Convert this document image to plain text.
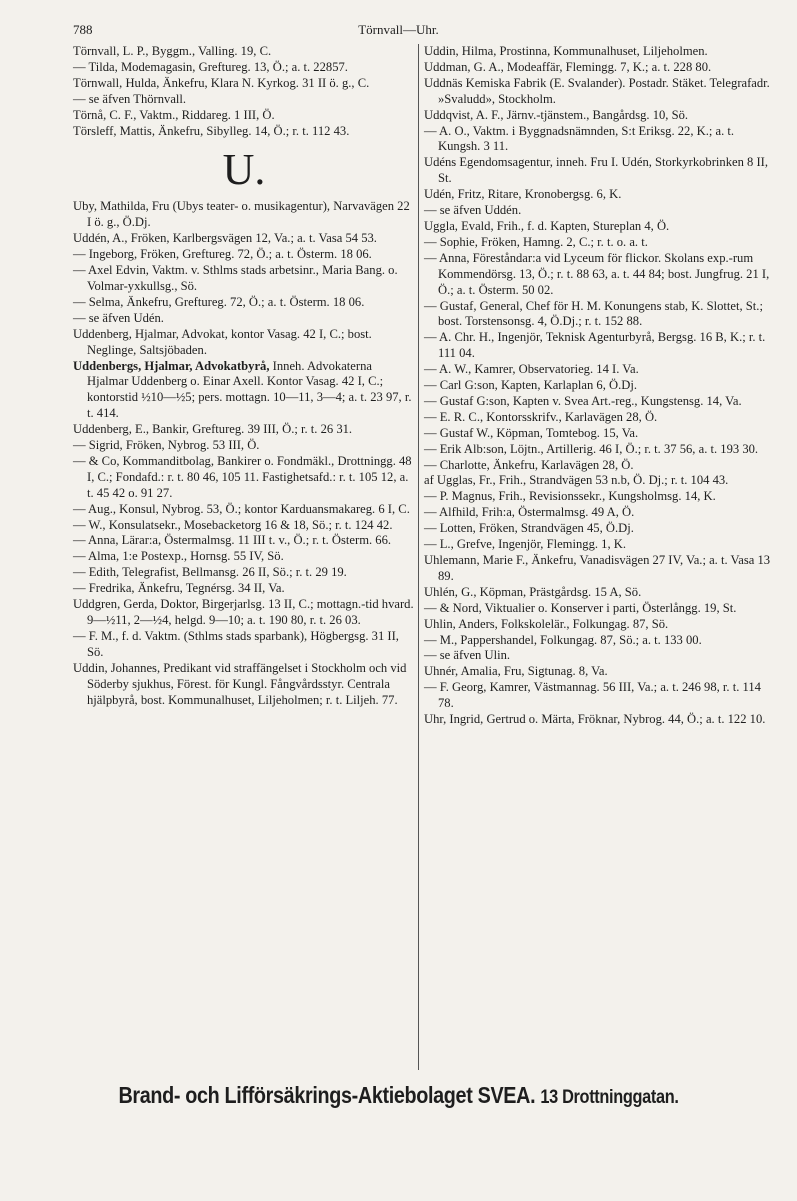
788	Törnvall—Uhr.

Törnvall, L. P., Byggm., Valling. 19, C.

— Tilda, Modemagasin, Greftureg. 13, Ö.; a. t. 22857.

Törnwall, Hulda, Änkefru, Klara N. Kyrkog. 31 II ö. g., C.

— se äfven Thörnvall.

Törnå, C. F., Vaktm., Riddareg. 1 III, Ö.

Törsleff, Mattis, Änkefru, Sibylleg. 14, Ö.; r. t. 112 43.

U.

Uby, Mathilda, Fru (Ubys teater- o. musikagentur), Narvavägen 22 I ö. g., Ö.Dj.

Uddén, A., Fröken, Karlbergsvägen 12, Va.; a. t. Vasa 54 53.

— Ingeborg, Fröken, Greftureg. 72, Ö.; a. t. Österm. 18 06.

— Axel Edvin, Vaktm. v. Sthlms stads arbetsinr., Maria Bang. o. Volmar-yxkullsg., Sö.

— Selma, Änkefru, Greftureg. 72, Ö.; a. t. Österm. 18 06.

— se äfven Udén.

Uddenberg, Hjalmar, Advokat, kontor Vasag. 42 I, C.; bost. Neglinge, Saltsjöbaden.

Uddenbergs, Hjalmar, Advokatbyrå, Inneh. Advokaterna Hjalmar Uddenberg o. Einar Axell. Kontor Vasag. 42 I, C.; kontorstid ½10—½5; pers. mottagn. 10—11, 3—4; a. t. 23 97, r. t. 414.

Uddenberg, E., Bankir, Greftureg. 39 III, Ö.; r. t. 26 31.

— Sigrid, Fröken, Nybrog. 53 III, Ö.

— & Co, Kommanditbolag, Bankirer o. Fondmäkl., Drottningg. 48 I, C.; Fondafd.: r. t. 80 46, 105 11. Fastighetsafd.: r. t. 105 12, a. t. 45 42 o. 91 27.

— Aug., Konsul, Nybrog. 53, Ö.; kontor Karduansmakareg. 6 I, C.

— W., Konsulatsekr., Mosebacketorg 16 & 18, Sö.; r. t. 124 42.

— Anna, Lärar:a, Östermalmsg. 11 III t. v., Ö.; r. t. Österm. 66.

— Alma, 1:e Postexp., Hornsg. 55 IV, Sö.

— Edith, Telegrafist, Bellmansg. 26 II, Sö.; r. t. 29 19.

— Fredrika, Änkefru, Tegnérsg. 34 II, Va.

Uddgren, Gerda, Doktor, Birgerjarlsg. 13 II, C.; mottagn.-tid hvard. 9—½11, 2—½4, helgd. 9—10; a. t. 190 80, r. t. 26 03.

— F. M., f. d. Vaktm. (Sthlms stads sparbank), Högbergsg. 31 II, Sö.

Uddin, Johannes, Predikant vid straffängelset i Stockholm och vid Söderby sjukhus, Förest. för Kungl. Fångvårdsstyr. Centrala hjälpbyrå, bost. Kommunalhuset, Liljeholmen; r. t. Liljeh. 77.

Uddin, Hilma, Prostinna, Kommunalhuset, Liljeholmen.

Uddman, G. A., Modeaffär, Flemingg. 7, K.; a. t. 228 80.

Uddnäs Kemiska Fabrik (E. Svalander). Postadr. Stäket. Telegrafadr. »Svaludd», Stockholm.

Uddqvist, A. F., Järnv.-tjänstem., Bangårdsg. 10, Sö.

— A. O., Vaktm. i Byggnadsnämnden, S:t Eriksg. 22, K.; a. t. Kungsh. 3 11.

Udéns Egendomsagentur, inneh. Fru I. Udén, Storkyrkobrinken 8 II, St.

Udén, Fritz, Ritare, Kronobergsg. 6, K.

— se äfven Uddén.

Uggla, Evald, Frih., f. d. Kapten, Stureplan 4, Ö.

— Sophie, Fröken, Hamng. 2, C.; r. t. o. a. t.

— Anna, Föreståndar:a vid Lyceum för flickor. Skolans exp.-rum Kommendörsg. 13, Ö.; r. t. 88 63, a. t. 44 84; bost. Jungfrug. 21 I, Ö.; a. t. Österm. 50 02.

— Gustaf, General, Chef för H. M. Konungens stab, K. Slottet, St.; bost. Torstensonsg. 4, Ö.Dj.; r. t. 152 88.

— A. Chr. H., Ingenjör, Teknisk Agenturbyrå, Bergsg. 16 B, K.; r. t. 111 04.

— A. W., Kamrer, Observatorieg. 14 I. Va.

— Carl G:son, Kapten, Karlaplan 6, Ö.Dj.

— Gustaf G:son, Kapten v. Svea Art.-reg., Kungstensg. 14, Va.

— E. R. C., Kontorsskrifv., Karlavägen 28, Ö.

— Gustaf W., Köpman, Tomtebog. 15, Va.

— Erik Alb:son, Löjtn., Artillerig. 46 I, Ö.; r. t. 37 56, a. t. 193 30.

— Charlotte, Änkefru, Karlavägen 28, Ö.

af Ugglas, Fr., Frih., Strandvägen 53 n.b, Ö. Dj.; r. t. 104 43.

— P. Magnus, Frih., Revisionssekr., Kungsholmsg. 14, K.

— Alfhild, Frih:a, Östermalmsg. 49 A, Ö.

— Lotten, Fröken, Strandvägen 45, Ö.Dj.

— L., Grefve, Ingenjör, Flemingg. 1, K.

Uhlemann, Marie F., Änkefru, Vanadisvägen 27 IV, Va.; a. t. Vasa 13 89.

Uhlén, G., Köpman, Prästgårdsg. 15 A, Sö.

— & Nord, Viktualier o. Konserver i parti, Österlångg. 19, St.

Uhlin, Anders, Folkskolelär., Folkungag. 87, Sö.

— M., Pappershandel, Folkungag. 87, Sö.; a. t. 133 00.

— se äfven Ulin.

Uhnér, Amalia, Fru, Sigtunag. 8, Va.

— F. Georg, Kamrer, Västmannag. 56 III, Va.; a. t. 246 98, r. t. 114 78.

Uhr, Ingrid, Gertrud o. Märta, Fröknar, Nybrog. 44, Ö.; a. t. 122 10.

Brand- och Lifförsäkrings-Aktiebolaget SVEA. 13 Drottninggatan.
